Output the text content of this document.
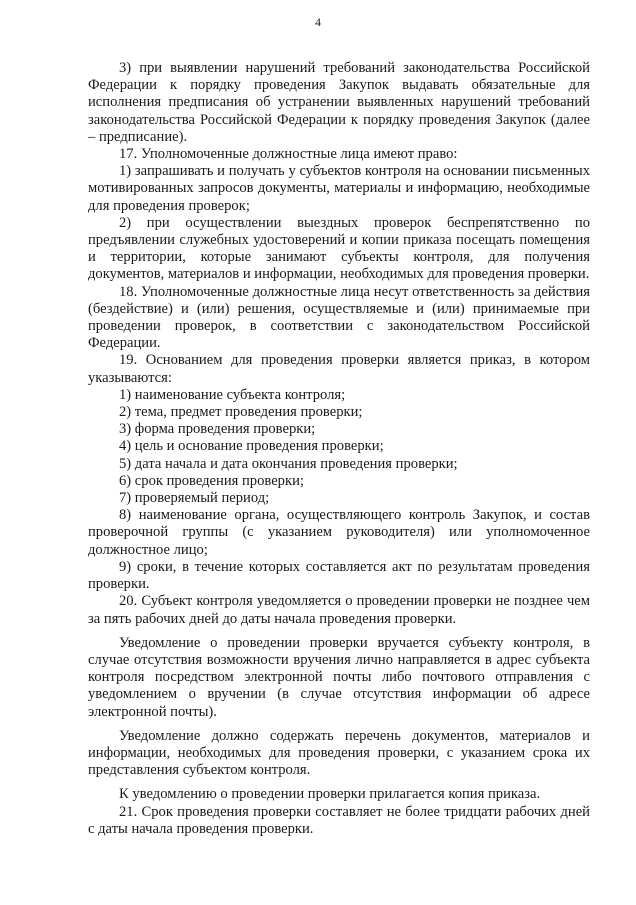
4

3) при выявлении нарушений требований законодательства Российской Федерации к порядку проведения Закупок выдавать обязательные для исполнения предписания об устранении выявленных нарушений требований законодательства Российской Федерации к порядку проведения Закупок (далее – предписание).

17. Уполномоченные должностные лица имеют право:

1) запрашивать и получать у субъектов контроля на основании письменных мотивированных запросов документы, материалы и информацию, необходимые для проведения проверок;

2) при осуществлении выездных проверок беспрепятственно по предъявлении служебных удостоверений и копии приказа посещать помещения и территории, которые занимают субъекты контроля, для получения документов, материалов и информации, необходимых для проведения проверки.

18. Уполномоченные должностные лица несут ответственность за действия (бездействие) и (или) решения, осуществляемые и (или) принимаемые при проведении проверок, в соответствии с законодательством Российской Федерации.

19. Основанием для проведения проверки является приказ, в котором указываются:

1) наименование субъекта контроля;

2) тема, предмет проведения проверки;

3) форма проведения проверки;

4) цель и основание проведения проверки;

5) дата начала и дата окончания проведения проверки;

6) срок проведения проверки;

7) проверяемый период;

8) наименование органа, осуществляющего контроль Закупок, и состав проверочной группы (с указанием руководителя) или уполномоченное должностное лицо;

9) сроки, в течение которых составляется акт по результатам проведения проверки.

20. Субъект контроля уведомляется о проведении проверки не позднее чем за пять рабочих дней до даты начала проведения проверки.

Уведомление о проведении проверки вручается субъекту контроля, в случае отсутствия возможности вручения лично направляется в адрес субъекта контроля посредством электронной почты либо почтового отправления с уведомлением о вручении (в случае отсутствия информации об адресе электронной почты).

Уведомление должно содержать перечень документов, материалов и информации, необходимых для проведения проверки, с указанием срока их представления субъектом контроля.

К уведомлению о проведении проверки прилагается копия приказа.

21. Срок проведения проверки составляет не более тридцати рабочих дней с даты начала проведения проверки.
